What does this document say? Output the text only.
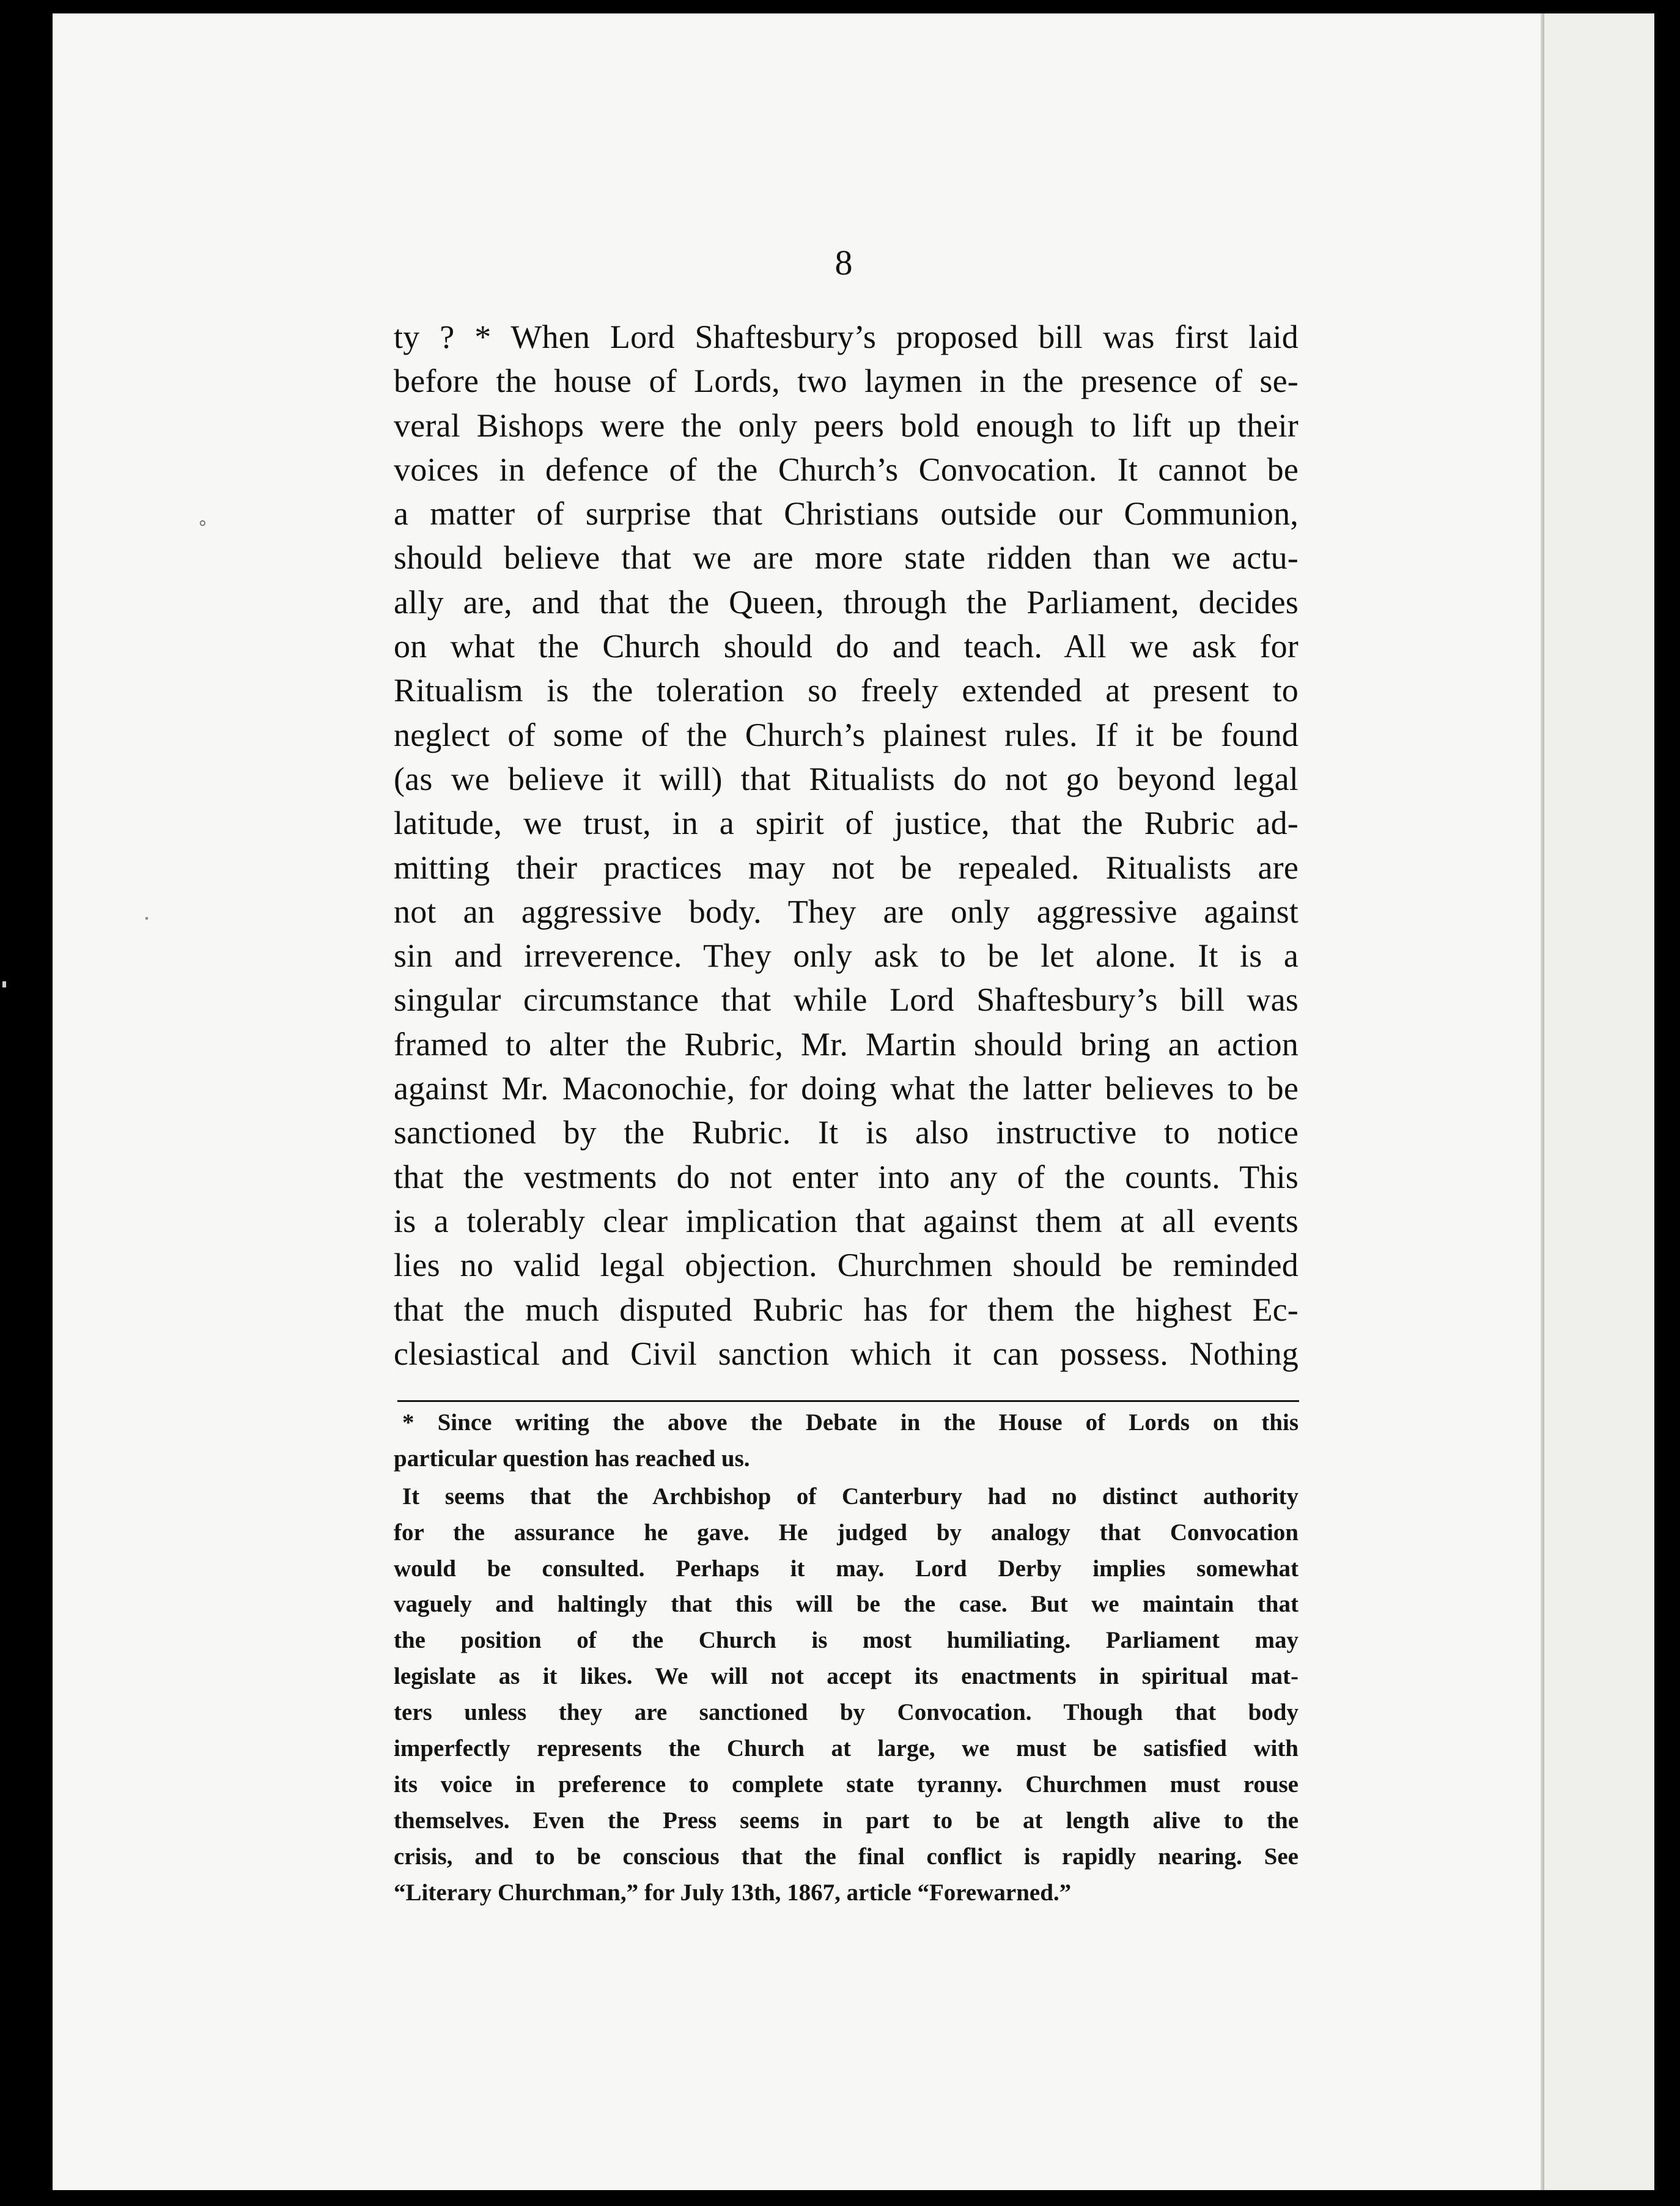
∘
8
ty ? * When Lord Shaftesbury’s proposed bill was first laid
before the house of Lords, two laymen in the presence of se-
veral Bishops were the only peers bold enough to lift up their
voices in defence of the Church’s Convocation. It cannot be
a matter of surprise that Christians outside our Communion,
should believe that we are more state ridden than we actu-
ally are, and that the Queen, through the Parliament, decides
on what the Church should do and teach. All we ask for
Ritualism is the toleration so freely extended at present to
neglect of some of the Church’s plainest rules. If it be found
(as we believe it will) that Ritualists do not go beyond legal
latitude, we trust, in a spirit of justice, that the Rubric ad-
mitting their practices may not be repealed. Ritualists are
not an aggressive body. They are only aggressive against
sin and irreverence. They only ask to be let alone. It is a
singular circumstance that while Lord Shaftesbury’s bill was
framed to alter the Rubric, Mr. Martin should bring an action
against Mr. Maconochie, for doing what the latter believes to be
sanctioned by the Rubric. It is also instructive to notice
that the vestments do not enter into any of the counts. This
is a tolerably clear implication that against them at all events
lies no valid legal objection. Churchmen should be reminded
that the much disputed Rubric has for them the highest Ec-
clesiastical and Civil sanction which it can possess. Nothing
* Since writing the above the Debate in the House of Lords on this
particular question has reached us.
It seems that the Archbishop of Canterbury had no distinct authority
for the assurance he gave. He judged by analogy that Convocation
would be consulted. Perhaps it may. Lord Derby implies somewhat
vaguely and haltingly that this will be the case. But we maintain that
the position of the Church is most humiliating. Parliament may
legislate as it likes. We will not accept its enactments in spiritual mat-
ters unless they are sanctioned by Convocation. Though that body
imperfectly represents the Church at large, we must be satisfied with
its voice in preference to complete state tyranny. Churchmen must rouse
themselves. Even the Press seems in part to be at length alive to the
crisis, and to be conscious that the final conflict is rapidly nearing. See
“Literary Churchman,” for July 13th, 1867, article “Forewarned.”
